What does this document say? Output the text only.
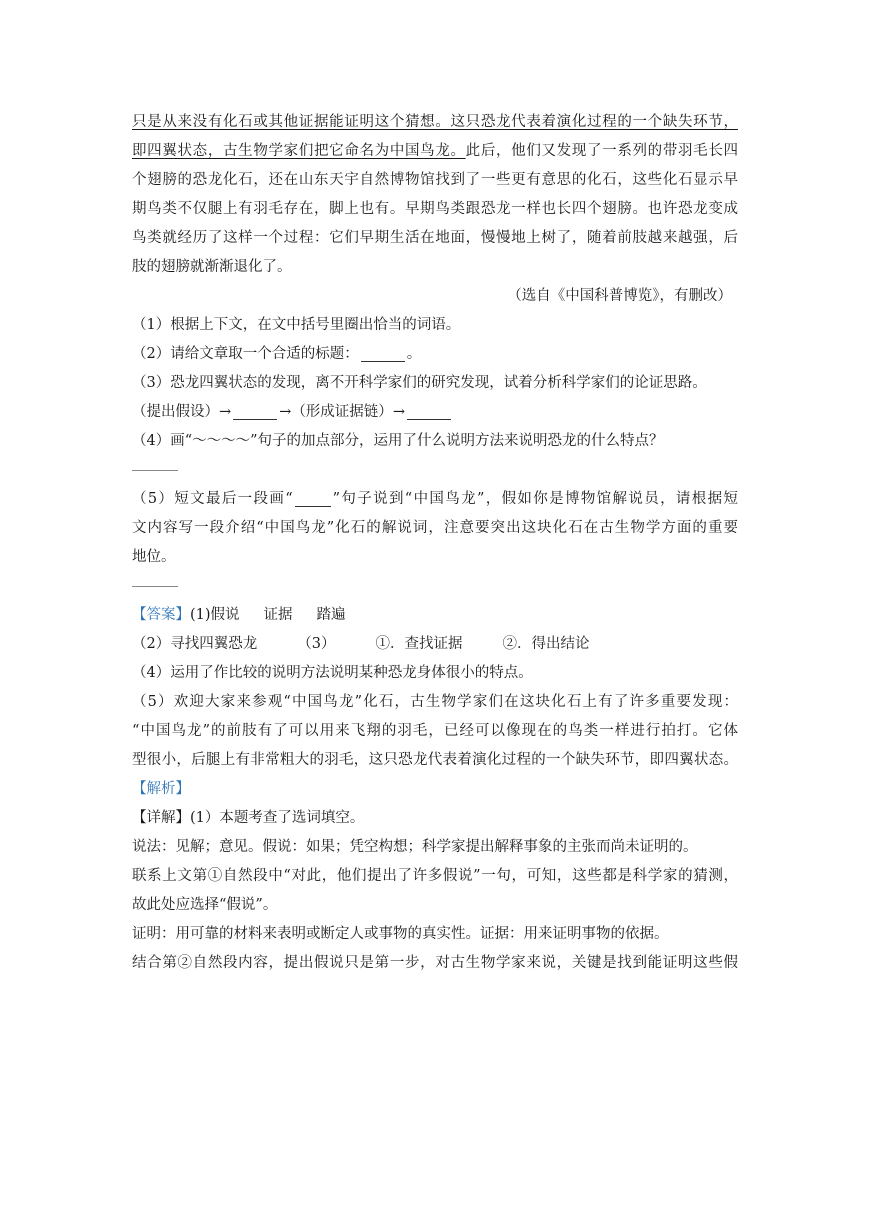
只是从来没有化石或其他证据能证明这个猜想。这只恐龙代表着演化过程的一个缺失环节，
即四翼状态，古生物学家们把它命名为中国鸟龙。此后，他们又发现了一系列的带羽毛长四
个翅膀的恐龙化石，还在山东天宇自然博物馆找到了一些更有意思的化石，这些化石显示早
期鸟类不仅腿上有羽毛存在，脚上也有。早期鸟类跟恐龙一样也长四个翅膀。也许恐龙变成
鸟类就经历了这样一个过程：它们早期生活在地面，慢慢地上树了，随着前肢越来越强，后
肢的翅膀就渐渐退化了。
（选自《中国科普博览》，有删改）
（1）根据上下文，在文中括号里圈出恰当的词语。
（2）请给文章取一个合适的标题：	。
（3）恐龙四翼状态的发现，离不开科学家们的研究发现，试着分析科学家们的论证思路。
（提出假设）→	→（形成证据链）→
（4）画“～～～～”句子的加点部分，运用了什么说明方法来说明恐龙的什么特点？
（5）短文最后一段画“	”句子说到“中国鸟龙”，假如你是博物馆解说员，请根据短
文内容写一段介绍“中国鸟龙”化石的解说词，注意要突出这块化石在古生物学方面的重要
地位。
【答案】(1)假说 证据 踏遍
（2）寻找四翼恐龙	（3）	①．查找证据	②．得出结论
（4）运用了作比较的说明方法说明某种恐龙身体很小的特点。
（5）欢迎大家来参观“中国鸟龙”化石，古生物学家们在这块化石上有了许多重要发现：
“中国鸟龙”的前肢有了可以用来飞翔的羽毛，已经可以像现在的鸟类一样进行拍打。它体
型很小，后腿上有非常粗大的羽毛，这只恐龙代表着演化过程的一个缺失环节，即四翼状态。
【解析】
【详解】(1）本题考查了选词填空。
说法：见解；意见。假说：如果；凭空构想；科学家提出解释事象的主张而尚未证明的。
联系上文第①自然段中“对此，他们提出了许多假说”一句，可知，这些都是科学家的猜测，
故此处应选择“假说”。
证明：用可靠的材料来表明或断定人或事物的真实性。证据：用来证明事物的依据。
结合第②自然段内容，提出假说只是第一步，对古生物学家来说，关键是找到能证明这些假
